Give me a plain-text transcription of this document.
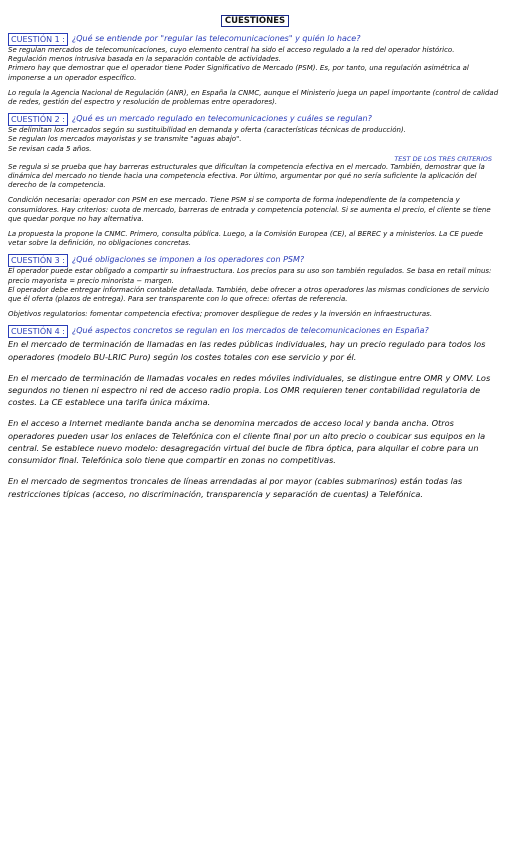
CUESTIONES
CUESTIÓN 1 : ¿Qué se entiende por "regular las telecomunicaciones" y quién lo hace?

Se regulan mercados de telecomunicaciones, cuyo elemento central ha sido el acceso regulado a la red del operador histórico.

Regulación menos intrusiva basada en la separación contable de actividades.

Primero hay que demostrar que el operador tiene Poder Significativo de Mercado (PSM). Es, por tanto, una regulación asimétrica al imponerse a un operador específico.

Lo regula la Agencia Nacional de Regulación (ANR), en España la CNMC, aunque el Ministerio juega un papel importante (control de calidad de redes, gestión del espectro y resolución de problemas entre operadores).

CUESTIÓN 2 : ¿Qué es un mercado regulado en telecomunicaciones y cuáles se regulan?

Se delimitan los mercados según su sustituibilidad en demanda y oferta (características técnicas de producción).

Se regulan los mercados mayoristas y se transmite "aguas abajo".

Se revisan cada 5 años.

TEST DE LOS TRES CRITERIOS

Se regula si se prueba que hay barreras estructurales que dificultan la competencia efectiva en el mercado. También, demostrar que la dinámica del mercado no tiende hacia una competencia efectiva. Por último, argumentar por qué no sería suficiente la aplicación del derecho de la competencia.

Condición necesaria: operador con PSM en ese mercado. Tiene PSM si se comporta de forma independiente de la competencia y consumidores. Hay criterios: cuota de mercado, barreras de entrada y competencia potencial. Si se aumenta el precio, el cliente se tiene que quedar porque no hay alternativa.

La propuesta la propone la CNMC. Primero, consulta pública. Luego, a la Comisión Europea (CE), al BEREC y a ministerios. La CE puede vetar sobre la definición, no obligaciones concretas.

CUESTIÓN 3 : ¿Qué obligaciones se imponen a los operadores con PSM?

El operador puede estar obligado a compartir su infraestructura. Los precios para su uso son también regulados. Se basa en retail minus: precio mayorista = precio minorista − margen.

El operador debe entregar información contable detallada. También, debe ofrecer a otros operadores las mismas condiciones de servicio que él oferta (plazos de entrega). Para ser transparente con lo que ofrece: ofertas de referencia.

Objetivos regulatorios: fomentar competencia efectiva; promover despliegue de redes y la inversión en infraestructuras.

CUESTIÓN 4 : ¿Qué aspectos concretos se regulan en los mercados de telecomunicaciones en España?

En el mercado de terminación de llamadas en las redes públicas individuales, hay un precio regulado para todos los operadores (modelo BU-LRIC Puro) según los costes totales con ese servicio y por él.

En el mercado de terminación de llamadas vocales en redes móviles individuales, se distingue entre OMR y OMV. Los segundos no tienen ni espectro ni red de acceso radio propia. Los OMR requieren tener contabilidad regulatoria de costes. La CE establece una tarifa única máxima.

En el acceso a Internet mediante banda ancha se denomina mercados de acceso local y banda ancha. Otros operadores pueden usar los enlaces de Telefónica con el cliente final por un alto precio o coubicar sus equipos en la central. Se establece nuevo modelo: desagregación virtual del bucle de fibra óptica, para alquilar el cobre para un consumidor final. Telefónica solo tiene que compartir en zonas no competitivas.

En el mercado de segmentos troncales de líneas arrendadas al por mayor (cables submarinos) están todas las restricciones típicas (acceso, no discriminación, transparencia y separación de cuentas) a Telefónica.
